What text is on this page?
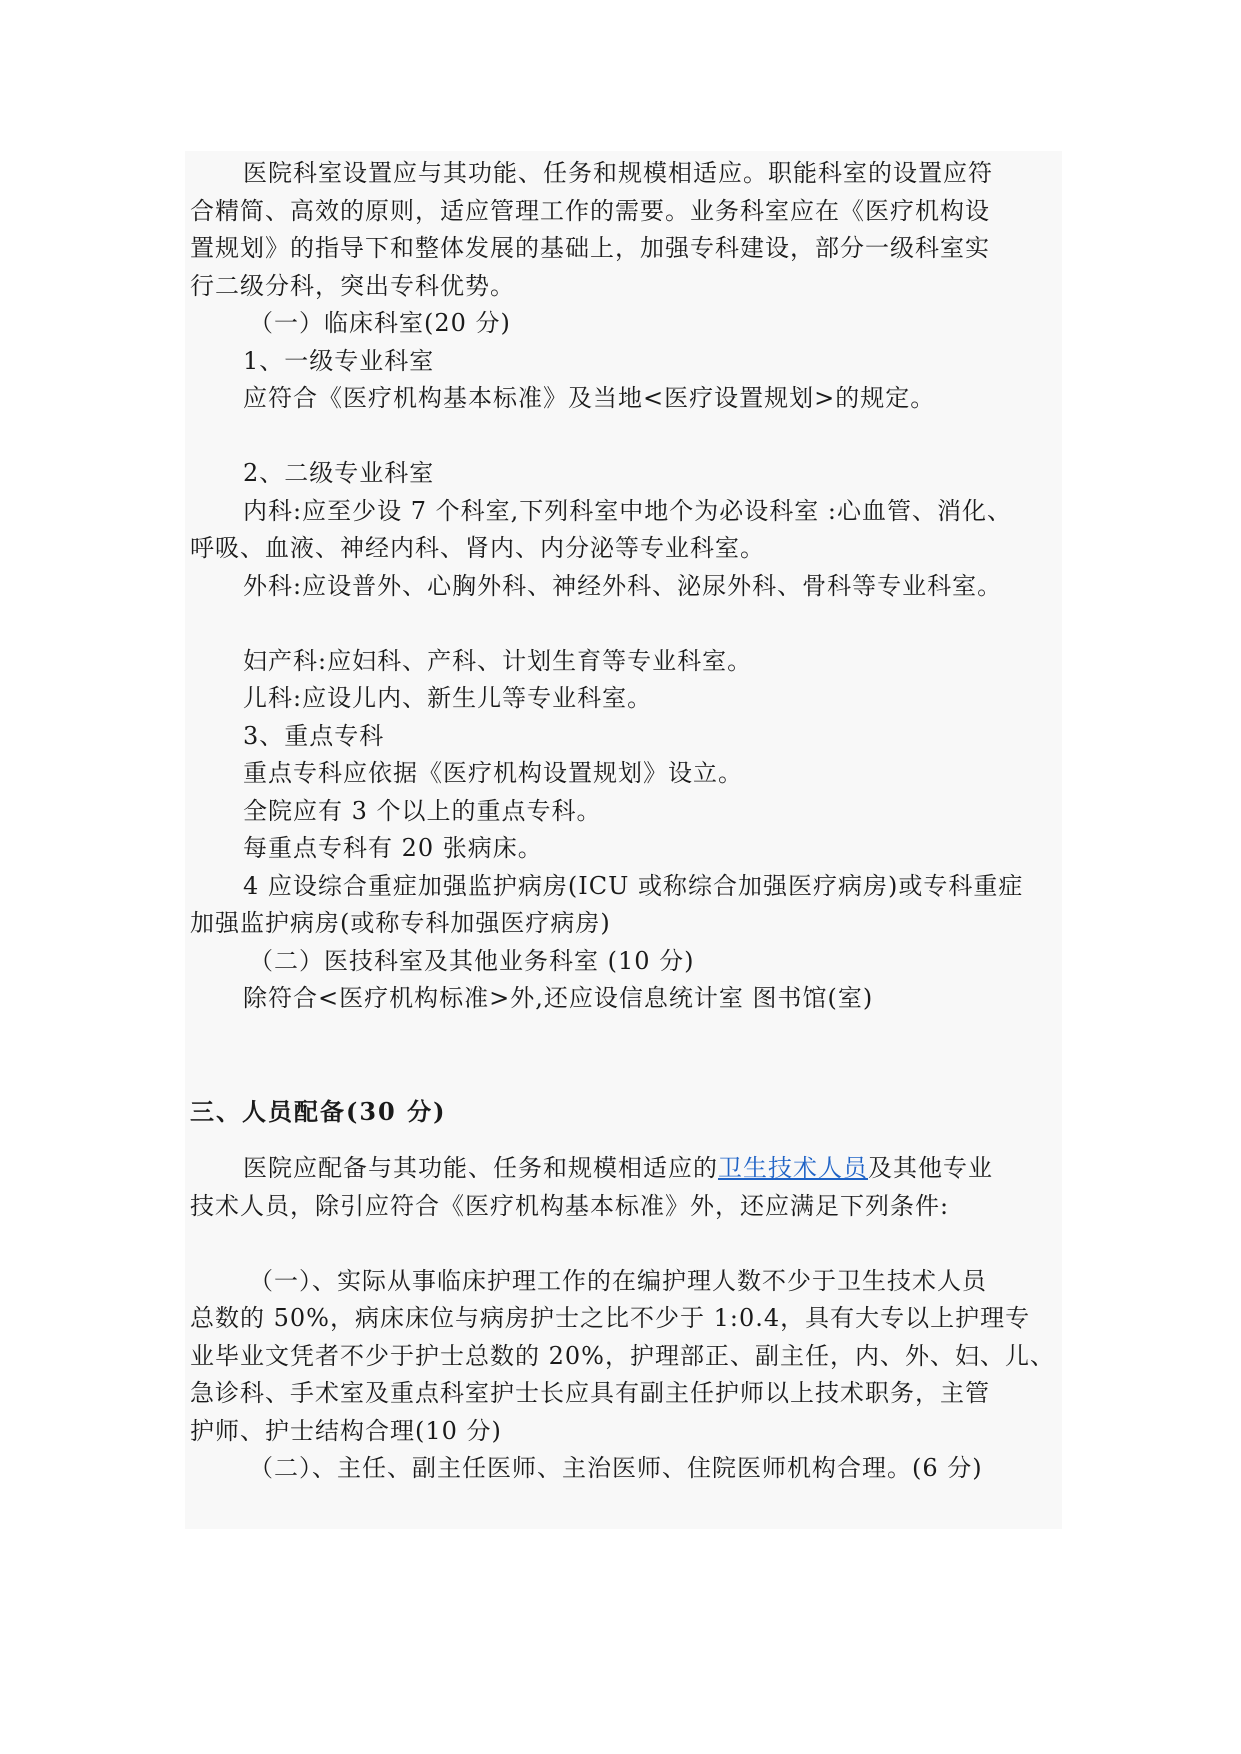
医院科室设置应与其功能、任务和规模相适应。职能科室的设置应符

合精简、高效的原则，适应管理工作的需要。业务科室应在《医疗机构设

置规划》的指导下和整体发展的基础上，加强专科建设，部分一级科室实

行二级分科，突出专科优势。

（一）临床科室(20 分)

1、一级专业科室

应符合《医疗机构基本标准》及当地<医疗设置规划>的规定。

2、二级专业科室

内科:应至少设 7 个科室,下列科室中地个为必设科室 :心血管、消化、

呼吸、血液、神经内科、肾内、内分泌等专业科室。

外科:应设普外、心胸外科、神经外科、泌尿外科、骨科等专业科室。

妇产科:应妇科、产科、计划生育等专业科室。

儿科:应设儿内、新生儿等专业科室。

3、重点专科

重点专科应依据《医疗机构设置规划》设立。

全院应有 3 个以上的重点专科。

每重点专科有 20 张病床。

4 应设综合重症加强监护病房(ICU 或称综合加强医疗病房)或专科重症

加强监护病房(或称专科加强医疗病房)

（二）医技科室及其他业务科室 (10 分)

除符合<医疗机构标准>外,还应设信息统计室 图书馆(室)

三、人员配备(30 分)

医院应配备与其功能、任务和规模相适应的卫生技术人员及其他专业

技术人员，除引应符合《医疗机构基本标准》外，还应满足下列条件:

（一）、实际从事临床护理工作的在编护理人数不少于卫生技术人员

总数的 50%，病床床位与病房护士之比不少于 1:0.4，具有大专以上护理专

业毕业文凭者不少于护士总数的 20%，护理部正、副主任，内、外、妇、儿、

急诊科、手术室及重点科室护士长应具有副主任护师以上技术职务，主管

护师、护士结构合理(10 分)

（二）、主任、副主任医师、主治医师、住院医师机构合理。(6 分)
